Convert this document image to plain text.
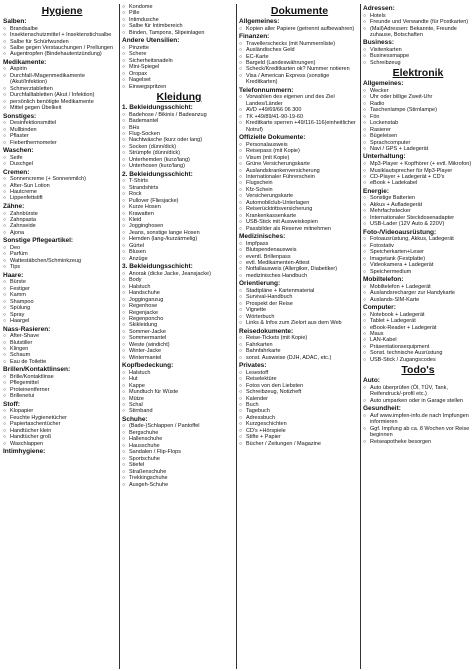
Hygiene
Salben:
○ Brandsalbe
○ Insektenschutzmittel + Insektenstichsalbe
○ Salbe für Schürfwunden
○ Salbe gegen Verstauchungen / Prellungen
○ Augentropfen (Bindehautentzündung)
Medikamente:
○ Aspirin
○ Durchfall-/Magenmedikamente (Akut/Infektion)
○ Schmerztabletten
○ Durchfalltabletten (Akut / Infektion)
○ persönlich benötigte Medikamente
○ Mittel gegen Übelkeit
Sonstiges:
○ Desinfektionsmittel
○ Mullbinden
○ Pflaster
○ Fieberthermometer
Waschen:
○ Seife
○ Duschgel
Cremen:
○ Sonnencreme (+ Sonnenmilch)
○ After-Sun Lotion
○ Hautcreme
○ Lippenfettstift
Zähne:
○ Zahnbürste
○ Zahnpasta
○ Zahnseide
○ Ajona
Sonstige Pflegeartikel:
○ Deo
○ Parfüm
○ Wattestäbchen/Schminkzeug
○ Tips
Haare:
○ Bürste
○ Festiger
○ Kamm
○ Shampoo
○ Spülung
○ Spray
○ Haargel
Nass-Rasieren:
○ After-Shave
○ Blutstiller
○ Klingen
○ Schaum
○ Eau de Toilette
Brillen/Kontaktlinsen:
○ Brille/Kontaktlinse
○ Pflegemittel
○ Proteinentferner
○ Brillenetui
Stoff:
○ Klopapier
○ Feuchte Hygienetücher
○ Papiertaschentücher
○ Handtücher klein
○ Handtücher groß
○ Waschlappen
Intimhygiene:
○ Kondome
○ Pille
○ Intimdusche
○ Salbe für Intimbereich
○ Binden, Tampons, Slipeinlagen
Andere Utensilien:
○ Pinzette
○ Schere
○ Sicherheitsnadeln
○ Mini-Spiegel
○ Oropax
○ Nagelset
○ Einwegspritzen
Kleidung
1. Bekleidungsschicht:
○ Badehose / Bikinis / Badeanzug
○ Bademantel
○ BHs
○ Flug-Socken
○ Nachtwäsche (kurz oder lang)
○ Socken (dünn/dick)
○ Strümpfe (dünn/dick)
○ Unterhemden (kurz/lang)
○ Unterhosen (kurz/lang)
2. Bekleidungsschicht:
○ T-Shirts
○ Strandshirts
○ Rock
○ Pullover (Fliesjacke)
○ Kurze Hosen
○ Krawatten
○ Kleid
○ Jogginghosen
○ Jeans, sonstige lange Hosen
○ Hemden (lang-/kurzärmelig)
○ Gürtel
○ Blusen
○ Anzüge
3. Bekleidungsschicht:
○ Anorak (dicke Jacke, Jeansjacke)
○ Body
○ Halstuch
○ Handschuhe
○ Jogginganzug
○ Regenhose
○ Regenjacke
○ Regenponcho
○ Skikleidung
○ Sommer-Jacke
○ Sommermantel
○ Weste (windicht)
○ Winter-Jacke
○ Wintermantel
Kopfbedeckung:
○ Halstuch
○ Hut
○ Kappe
○ Mundtuch für Wüste
○ Mütze
○ Schal
○ Stirnband
Schuhe:
○ (Bade-)Schlappen / Pantoffel
○ Bergschuhe
○ Hallenschuhe
○ Hausschuhe
○ Sandalen / Flip-Flops
○ Sportschuhe
○ Stiefel
○ Straßenschuhe
○ Trekkingschuhe
○ Ausgeh-Schuhe
Dokumente
Allgemeines:
○ Kopien aller Papiere (getrennt aufbewahren)
Finanzen:
○ Travellerschecks (mit Nummernliste)
○ Ausländisches Geld
○ EC-Karte
○ Bargeld (Landeswährungen)
○ Scheck/Kreditkarten ok? Nummer notieren
○ Visa / American Express (sonstige Kreditkarten)
Telefonnummern:
○ Vorwahlen des eigenen und des Ziel Landes/Länder
○ AVD +49/69/66 06 300
○ TK +49/89/41-90-19-60
○ Kreditkarte sperren +49/116-116(einheitlicher Notruf)
Offizielle Dokumente:
○ Personalausweis
○ Reisepass (mit Kopie)
○ Visum (mit Kopie)
○ Grüne Versicherungskarte
○ Auslandskrankenversicherung
○ Internationaler Führerschein
○ Flugschein
○ Kfz-Schein
○ Versicherungskarte
○ Automobilclub-Unterlagen
○ Reiserücktrittsversicherung
○ Krankenkassenkarte
○ USB-Stick mit Ausweiskopien
○ Passbilder als Reserve mitnehmen
Medizinisches:
○ Impfpass
○ Blutspendenausweis
○ eventl. Brillenpass
○ evtl. Medikamenten-Attest
○ Notfallausweis (Allergiker, Diabetiker)
○ medizinisches Handbuch
Orientierung:
○ Stadtpläne + Kartenmaterial
○ Survival-Handbuch
○ Prospekt der Reise
○ Vignette
○ Wörterbuch
○ Links & Infos zum Zielort aus dem Web
Reisedokumente:
○ Reise-Tickets (mit Kopie)
○ Fahrkarten
○ Bahnfahrkarte
○ sonst. Ausweise (DJH, ADAC, etc.)
Privates:
○ Lesestoff
○ Reiselektüre
○ Fotos von den Liebsten
○ Schreibzeug, Notizheft
○ Kalender
○ Buch
○ Tagebuch
○ Adressbuch
○ Kurzgeschichten
○ CD's +Hörspiele
○ Stifte + Papier
○ Bücher / Zeitungen / Magazine
Adressen:
○ Hotels
○ Freunde und Verwandte (für Postkarten)
○ (Mail)Adressen: Bekannte, Freunde zuhause, Botschaften
Business:
○ Visitenkarten
○ Businessmappe
○ Schreibzeug
Elektronik
Allgemeines:
○ Wecker
○ Uhr oder billige Zweit-Uhr
○ Radio
○ Taschenlampe (Stirnlampe)
○ Fön
○ Lockenstab
○ Rasierer
○ Bügeleisen
○ Sprachcomputer
○ Navi / GPS + Ladegerät
Unterhaltung:
○ Mp3-Player + Kopfhörer (+ evtl. Mikrofon)
○ Musiklautsprecher für Mp3-Player
○ CD-Player + Ladegerät + CD's
○ eBook + Ladekabel
Energie:
○ Sonstige Batterien
○ Akkus + Aufladegerät
○ Mehrfachstecker
○ Internationaler Steckdosenadapter
○ USB-Lader (12V Auto & 220V)
Foto-/Videoausrüstung:
○ Fotoausrüstung, Akkus, Ladegerät
○ Fotostativ
○ Speicherkarten+Leser
○ Imagetank (Festplatte)
○ Videokamera + Ladegerät
○ Speichermedium
Mobiltelefon:
○ Mobiltelefon + Ladegerät
○ Auslandsrecharger zur Handykarte
○ Auslands-SIM-Karte
Computer:
○ Notebook + Ladegerät
○ Tablet + Ladegerät
○ eBook-Reader + Ladegerät
○ Maus
○ LAN-Kabel
○ Präsentationsequipment
○ Sonst. technische Ausrüstung
○ USB-Stick / Zugangscodes
Todo's
Auto:
○ Auto überprüfen (Öl, TÜV, Tank, Reifendruck/-profil etc.)
○ Auto umparken oder in Garage stellen
Gesundheit:
○ Auf www.impfen-info.de nach Impfungen informieren
○ Ggf. Impfung ab ca. 8 Wochen vor Reise beginnen
○ Reiseapotheke besorgen
